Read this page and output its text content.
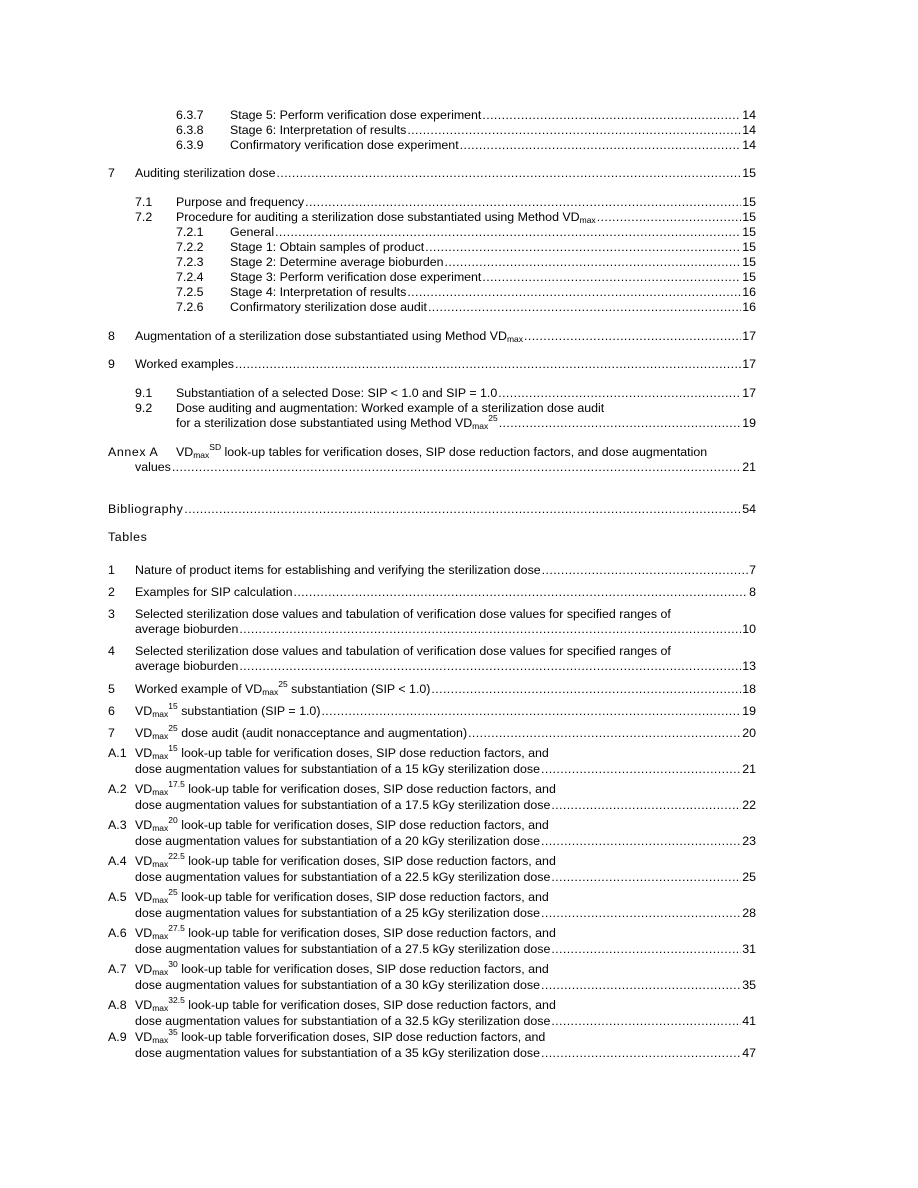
6.3.7	Stage 5: Perform verification dose experiment .....	14
6.3.8	Stage 6: Interpretation of results .....	14
6.3.9	Confirmatory verification dose experiment .....	14
7	Auditing sterilization dose .....	15
7.1	Purpose and frequency .....	15
7.2	Procedure for auditing a sterilization dose substantiated using Method $VD_{max}$ .....	15
7.2.1	General .....	15
7.2.2	Stage 1: Obtain samples of product .....	15
7.2.3	Stage 2: Determine average bioburden .....	15
7.2.4	Stage 3: Perform verification dose experiment .....	15
7.2.5	Stage 4: Interpretation of results .....	16
7.2.6	Confirmatory sterilization dose audit .....	16
8	Augmentation of a sterilization dose substantiated using Method $VD_{max}$ .....	17
9	Worked examples .....	17
9.1	Substantiation of a selected Dose: SIP < 1.0 and SIP = 1.0 .....	17
9.2 Dose auditing and augmentation: Worked example of a sterilization dose audit
for a sterilization dose substantiated using Method $VD_{max}^{25}$ .....	19
Annex A $VD_{max}^{SD}$ look-up tables for verification doses, SIP dose reduction factors, and dose augmentation
values .....	21
Bibliography .....	54
Tables
1	Nature of product items for establishing and verifying the sterilization dose .....	7
2	Examples for SIP calculation .....	8
3 Selected sterilization dose values and tabulation of verification dose values for specified ranges of
average bioburden .....	10
4 Selected sterilization dose values and tabulation of verification dose values for specified ranges of
average bioburden .....	13
5	Worked example of $VD_{max}^{25}$ substantiation (SIP < 1.0) .....	18
6	$VD_{max}^{15}$ substantiation (SIP = 1.0) .....	19
7	$VD_{max}^{25}$ dose audit (audit nonacceptance and augmentation) .....	20
A.1 $VD_{max}^{15}$ look-up table for verification doses, SIP dose reduction factors, and
dose augmentation values for substantiation of a 15 kGy sterilization dose .....	21
A.2 $VD_{max}^{17.5}$ look-up table for verification doses, SIP dose reduction factors, and
dose augmentation values for substantiation of a 17.5 kGy sterilization dose .....	22
A.3 $VD_{max}^{20}$ look-up table for verification doses, SIP dose reduction factors, and
dose augmentation values for substantiation of a 20 kGy sterilization dose .....	23
A.4 $VD_{max}^{22.5}$ look-up table for verification doses, SIP dose reduction factors, and
dose augmentation values for substantiation of a 22.5 kGy sterilization dose .....	25
A.5 $VD_{max}^{25}$ look-up table for verification doses, SIP dose reduction factors, and
dose augmentation values for substantiation of a 25 kGy sterilization dose .....	28
A.6 $VD_{max}^{27.5}$ look-up table for verification doses, SIP dose reduction factors, and
dose augmentation values for substantiation of a 27.5 kGy sterilization dose .....	31
A.7 $VD_{max}^{30}$ look-up table for verification doses, SIP dose reduction factors, and
dose augmentation values for substantiation of a 30 kGy sterilization dose .....	35
A.8 $VD_{max}^{32.5}$ look-up table for verification doses, SIP dose reduction factors, and
dose augmentation values for substantiation of a 32.5 kGy sterilization dose .....	41
A.9 $VD_{max}^{35}$ look-up table forverification doses, SIP dose reduction factors, and
dose augmentation values for substantiation of a 35 kGy sterilization dose .....	47
